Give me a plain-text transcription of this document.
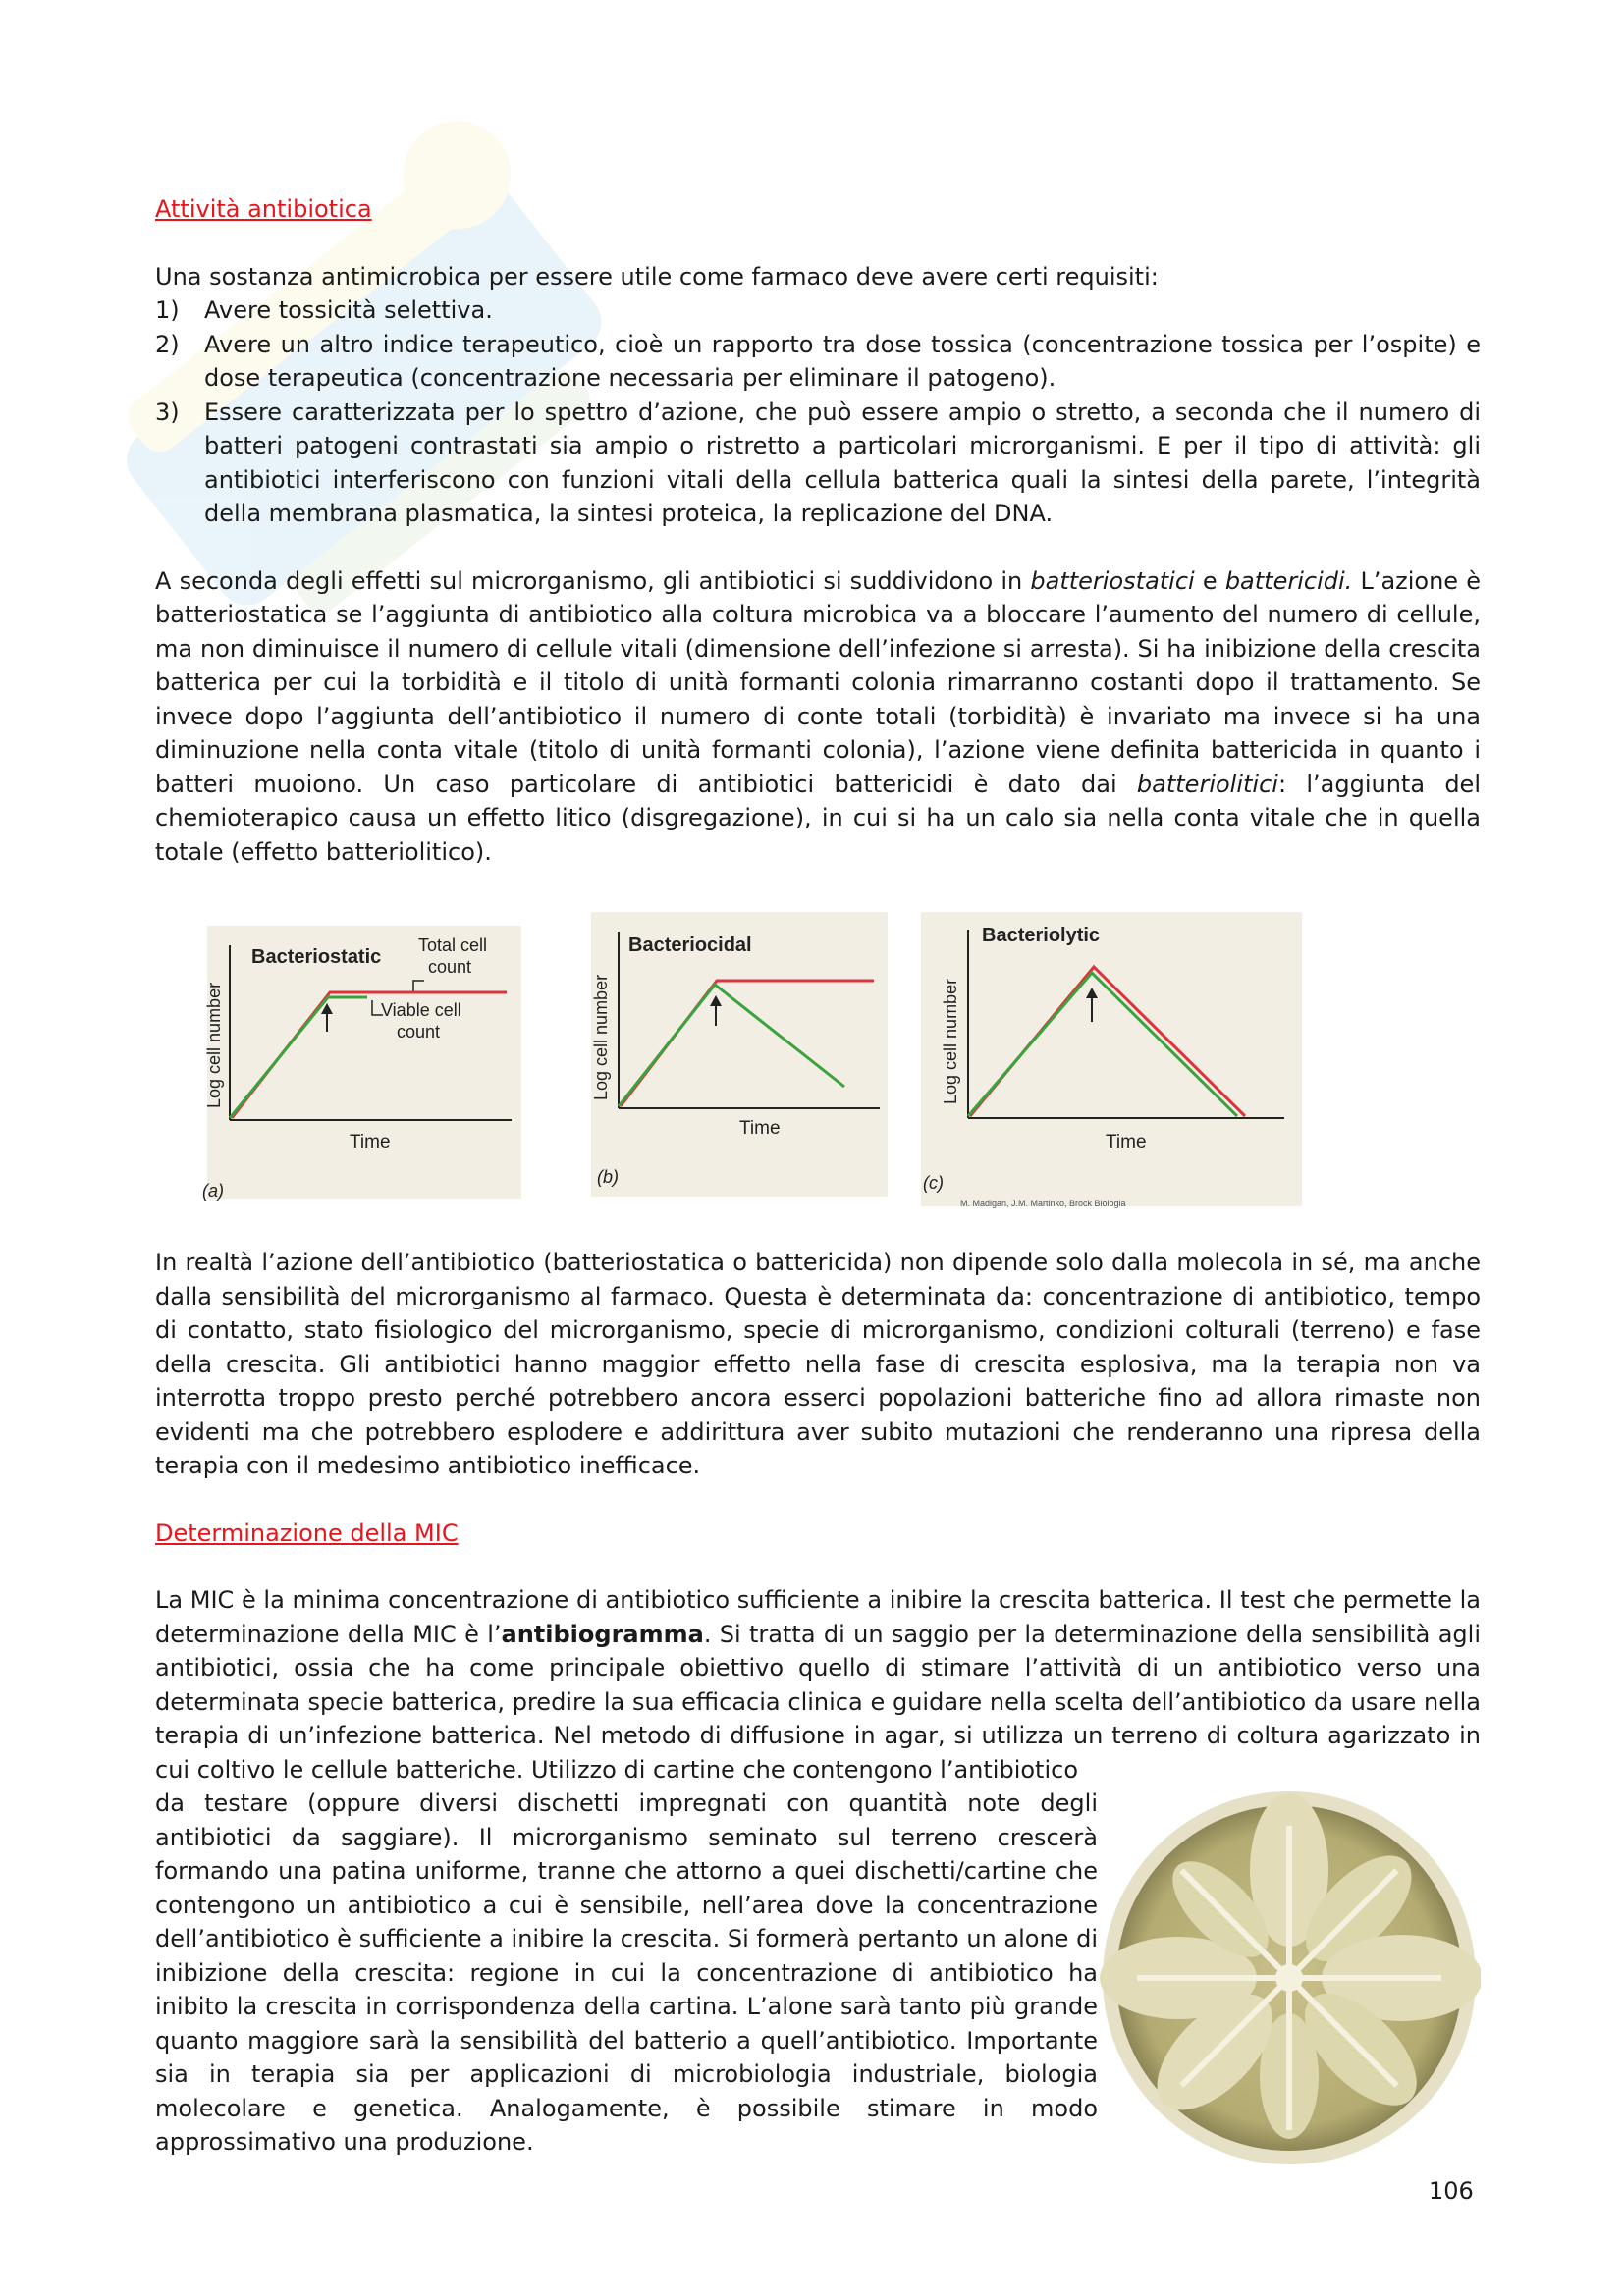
Attività antibiotica

Una sostanza antimicrobica per essere utile come farmaco deve avere certi requisiti:

1)	Avere tossicità selettiva.
2)	Avere un altro indice terapeutico, cioè un rapporto tra dose tossica (concentrazione tossica per l’ospite) e dose terapeutica (concentrazione necessaria per eliminare il patogeno).
3)	Essere caratterizzata per lo spettro d’azione, che può essere ampio o stretto, a seconda che il numero di batteri patogeni contrastati sia ampio o ristretto a particolari microrganismi. E per il tipo di attività: gli antibiotici interferiscono con funzioni vitali della cellula batterica quali la sintesi della parete, l’integrità della membrana plasmatica, la sintesi proteica, la replicazione del DNA.

A seconda degli effetti sul microrganismo, gli antibiotici si suddividono in batteriostatici e battericidi. L’azione è batteriostatica se l’aggiunta di antibiotico alla coltura microbica va a bloccare l’aumento del numero di cellule, ma non diminuisce il numero di cellule vitali (dimensione dell’infezione si arresta). Si ha inibizione della crescita batterica per cui la torbidità e il titolo di unità formanti colonia rimarranno costanti dopo il trattamento. Se invece dopo l’aggiunta dell’antibiotico il numero di conte totali (torbidità) è invariato ma invece si ha una diminuzione nella conta vitale (titolo di unità formanti colonia), l’azione viene definita battericida in quanto i batteri muoiono. Un caso particolare di antibiotici battericidi è dato dai batteriolitici: l’aggiunta del chemioterapico causa un effetto litico (disgregazione), in cui si ha un calo sia nella conta vitale che in quella totale (effetto batteriolitico).

Log cell number
Time
Bacteriostatic
Total cell
count
Viable cell
count
(a)
Log cell number
Time
Bacteriocidal
(b)
Log cell number
Time
Bacteriolytic
(c)
M. Madigan, J.M. Martinko, Brock Biologia

In realtà l’azione dell’antibiotico (batteriostatica o battericida) non dipende solo dalla molecola in sé, ma anche dalla sensibilità del microrganismo al farmaco. Questa è determinata da: concentrazione di antibiotico, tempo di contatto, stato fisiologico del microrganismo, specie di microrganismo, condizioni colturali (terreno) e fase della crescita. Gli antibiotici hanno maggior effetto nella fase di crescita esplosiva, ma la terapia non va interrotta troppo presto perché potrebbero ancora esserci popolazioni batteriche fino ad allora rimaste non evidenti ma che potrebbero esplodere e addirittura aver subito mutazioni che renderanno una ripresa della terapia con il medesimo antibiotico inefficace.

Determinazione della MIC

La MIC è la minima concentrazione di antibiotico sufficiente a inibire la crescita batterica. Il test che permette la determinazione della MIC è l’antibiogramma. Si tratta di un saggio per la determinazione della sensibilità agli antibiotici, ossia che ha come principale obiettivo quello di stimare l’attività di un antibiotico verso una determinata specie batterica, predire la sua efficacia clinica e guidare nella scelta dell’antibiotico da usare nella terapia di un’infezione batterica. Nel metodo di diffusione in agar, si utilizza un terreno di coltura agarizzato in cui coltivo le cellule batteriche. Utilizzo di cartine che contengono l’antibiotico

da testare (oppure diversi dischetti impregnati con quantità note degli antibiotici da saggiare). Il microrganismo seminato sul terreno crescerà formando una patina uniforme, tranne che attorno a quei dischetti/cartine che contengono un antibiotico a cui è sensibile, nell’area dove la concentrazione dell’antibiotico è sufficiente a inibire la crescita. Si formerà pertanto un alone di inibizione della crescita: regione in cui la concentrazione di antibiotico ha inibito la crescita in corrispondenza della cartina. L’alone sarà tanto più grande quanto maggiore sarà la sensibilità del batterio a quell’antibiotico. Importante sia in terapia sia per applicazioni di microbiologia industriale, biologia molecolare e genetica. Analogamente, è possibile stimare in modo approssimativo una produzione.

106
